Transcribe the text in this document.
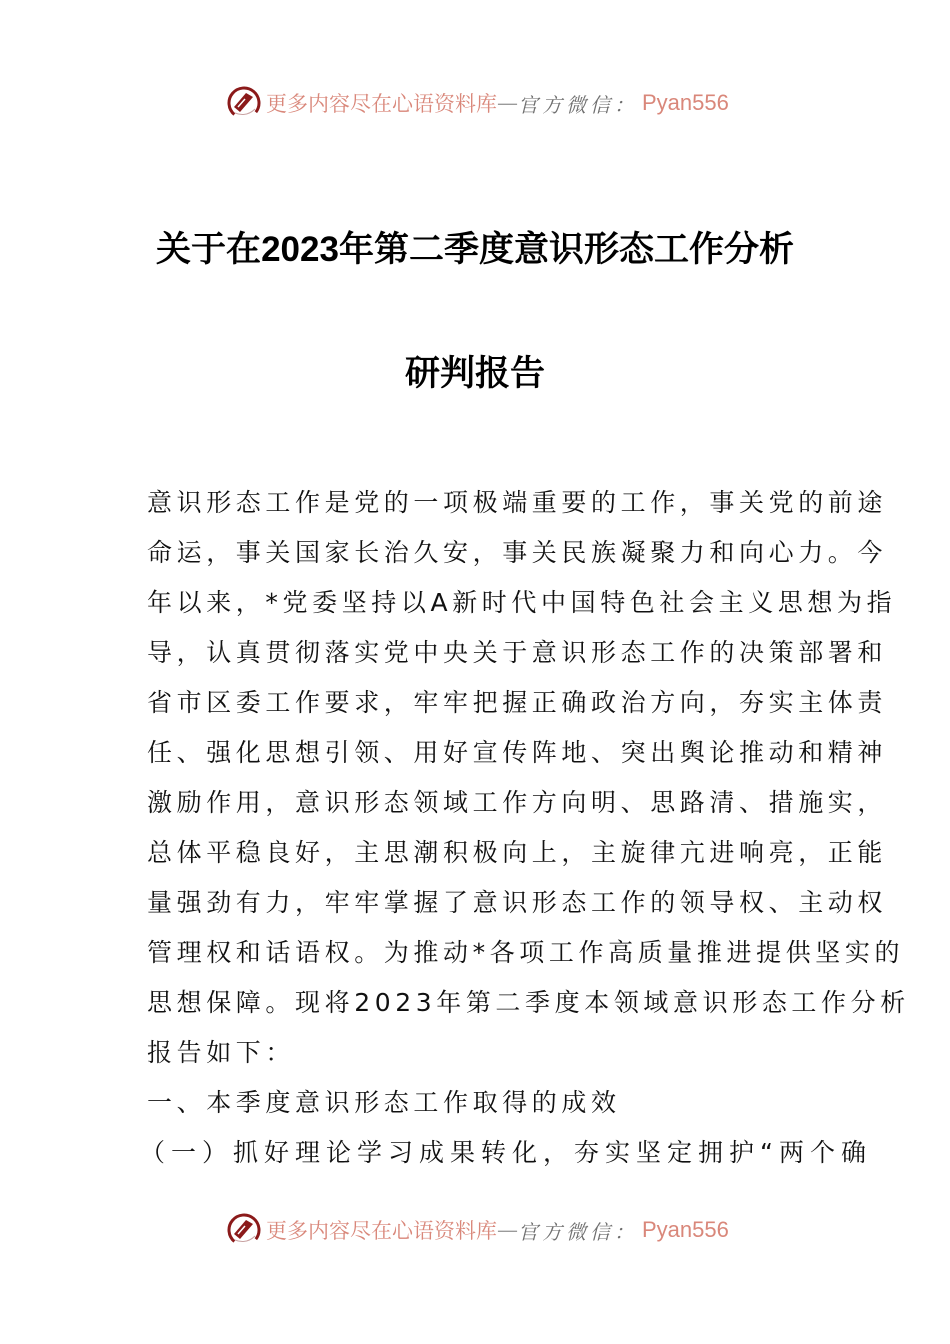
更多内容尽在心语资料库 — 官方微信： Pyan556
关于在2023年第二季度意识形态工作分析
研判报告
意识形态工作是党的一项极端重要的工作，事关党的前途
命运，事关国家长治久安，事关民族凝聚力和向心力。今
年以来，*党委坚持以A新时代中国特色社会主义思想为指
导，认真贯彻落实党中央关于意识形态工作的决策部署和
省市区委工作要求，牢牢把握正确政治方向，夯实主体责
任、强化思想引领、用好宣传阵地、突出舆论推动和精神
激励作用，意识形态领域工作方向明、思路清、措施实，
总体平稳良好，主思潮积极向上，主旋律亢进响亮，正能
量强劲有力，牢牢掌握了意识形态工作的领导权、主动权
管理权和话语权。为推动*各项工作高质量推进提供坚实的
思想保障。现将2023年第二季度本领域意识形态工作分析
报告如下：
一、本季度意识形态工作取得的成效
（一）抓好理论学习成果转化，夯实坚定拥护“两个确
更多内容尽在心语资料库 — 官方微信： Pyan556
